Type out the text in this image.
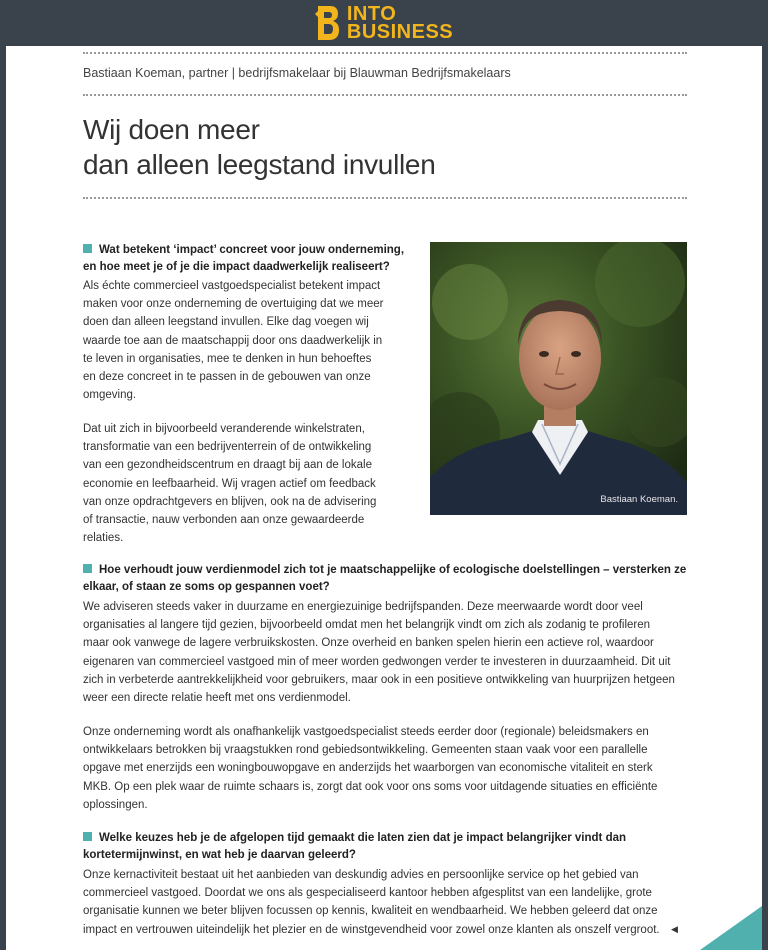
INTO
BUSINESS
Bastiaan Koeman, partner | bedrijfsmakelaar bij Blauwman Bedrijfsmakelaars
Wij doen meer
dan alleen leegstand invullen
Wat betekent ‘impact’ concreet voor jouw onderneming,
en hoe meet je of je die impact daadwerkelijk realiseert?
Als échte commercieel vastgoedspecialist betekent impact
maken voor onze onderneming de overtuiging dat we meer
doen dan alleen leegstand invullen. Elke dag voegen wij
waarde toe aan de maatschappij door ons daadwerkelijk in
te leven in organisaties, mee te denken in hun behoeftes
en deze concreet in te passen in de gebouwen van onze
omgeving.
Dat uit zich in bijvoorbeeld veranderende winkelstraten,
transformatie van een bedrijventerrein of de ontwikkeling
van een gezondheidscentrum en draagt bij aan de lokale
economie en leefbaarheid. Wij vragen actief om feedback
van onze opdrachtgevers en blijven, ook na de advisering
of transactie, nauw verbonden aan onze gewaardeerde
relaties.
Bastiaan Koeman.
Hoe verhoudt jouw verdienmodel zich tot je maatschappelijke of ecologische doelstellingen – versterken ze
elkaar, of staan ze soms op gespannen voet?
We adviseren steeds vaker in duurzame en energiezuinige bedrijfspanden. Deze meerwaarde wordt door veel
organisaties al langere tijd gezien, bijvoorbeeld omdat men het belangrijk vindt om zich als zodanig te profileren
maar ook vanwege de lagere verbruikskosten. Onze overheid en banken spelen hierin een actieve rol, waardoor
eigenaren van commercieel vastgoed min of meer worden gedwongen verder te investeren in duurzaamheid. Dit uit
zich in verbeterde aantrekkelijkheid voor gebruikers, maar ook in een positieve ontwikkeling van huurprijzen hetgeen
weer een directe relatie heeft met ons verdienmodel.
Onze onderneming wordt als onafhankelijk vastgoedspecialist steeds eerder door (regionale) beleidsmakers en
ontwikkelaars betrokken bij vraagstukken rond gebiedsontwikkeling. Gemeenten staan vaak voor een parallelle
opgave met enerzijds een woningbouwopgave en anderzijds het waarborgen van economische vitaliteit en sterk
MKB. Op een plek waar de ruimte schaars is, zorgt dat ook voor ons soms voor uitdagende situaties en efficiënte
oplossingen.
Welke keuzes heb je de afgelopen tijd gemaakt die laten zien dat je impact belangrijker vindt dan
kortetermijnwinst, en wat heb je daarvan geleerd?
Onze kernactiviteit bestaat uit het aanbieden van deskundig advies en persoonlijke service op het gebied van
commercieel vastgoed. Doordat we ons als gespecialiseerd kantoor hebben afgesplitst van een landelijke, grote
organisatie kunnen we beter blijven focussen op kennis, kwaliteit en wendbaarheid. We hebben geleerd dat onze
impact en vertrouwen uiteindelijk het plezier en de winstgevendheid voor zowel onze klanten als onszelf vergroot. ◀
